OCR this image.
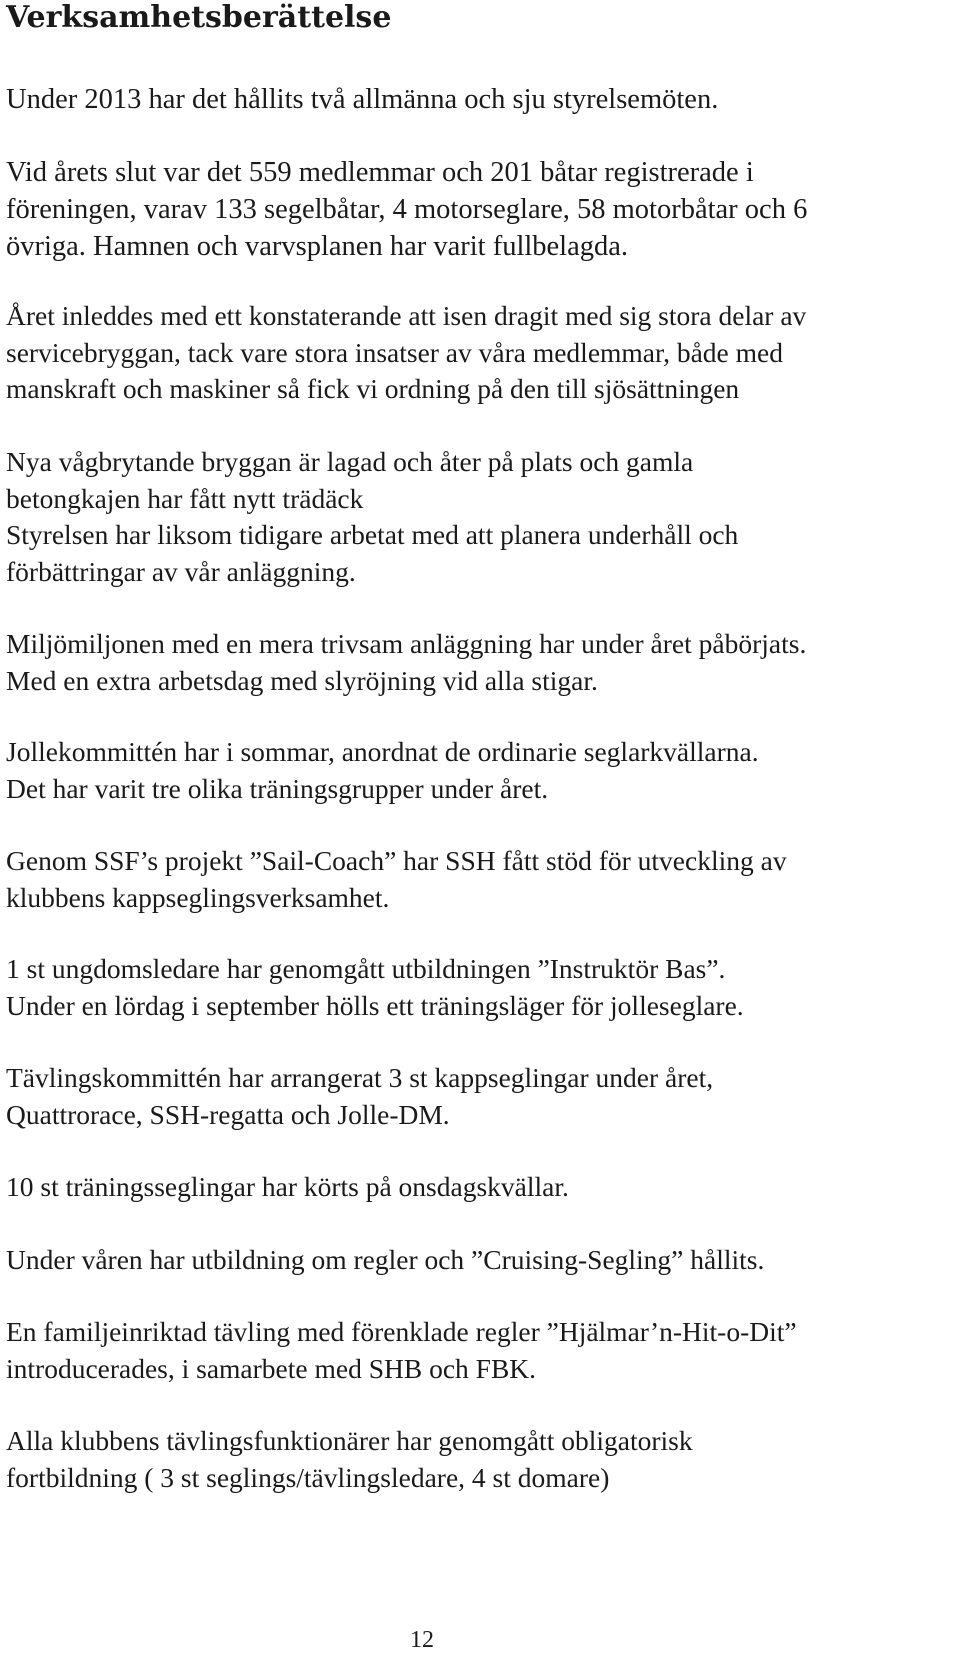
Verksamhetsberättelse

Under 2013 har det hållits två allmänna och sju styrelsemöten.

Vid årets slut var det 559 medlemmar och 201 båtar registrerade i
föreningen, varav 133 segelbåtar, 4 motorseglare, 58 motorbåtar och 6
övriga. Hamnen och varvsplanen har varit fullbelagda.

Året inleddes med ett konstaterande att isen dragit med sig stora delar av
servicebryggan, tack vare stora insatser av våra medlemmar, både med
manskraft och maskiner så fick vi ordning på den till sjösättningen

Nya vågbrytande bryggan är lagad och åter på plats och gamla
betongkajen har fått nytt trädäck
Styrelsen har liksom tidigare arbetat med att planera underhåll och
förbättringar av vår anläggning.

Miljömiljonen med en mera trivsam anläggning har under året påbörjats.
Med en extra arbetsdag med slyröjning vid alla stigar.

Jollekommittén har i sommar, anordnat de ordinarie seglarkvällarna.
Det har varit tre olika träningsgrupper under året.

Genom SSF’s projekt ”Sail-Coach” har SSH fått stöd för utveckling av
klubbens kappseglingsverksamhet.

1 st ungdomsledare har genomgått utbildningen ”Instruktör Bas”.
Under en lördag i september hölls ett träningsläger för jolleseglare.

Tävlingskommittén har arrangerat 3 st kappseglingar under året,
Quattrorace, SSH-regatta och Jolle-DM.

10 st träningsseglingar har körts på onsdagskvällar.

Under våren har utbildning om regler och ”Cruising-Segling” hållits.

En familjeinriktad tävling med förenklade regler ”Hjälmar’n-Hit-o-Dit”
introducerades, i samarbete med SHB och FBK.

Alla klubbens tävlingsfunktionärer har genomgått obligatorisk
fortbildning ( 3 st seglings/tävlingsledare, 4 st domare)

12
